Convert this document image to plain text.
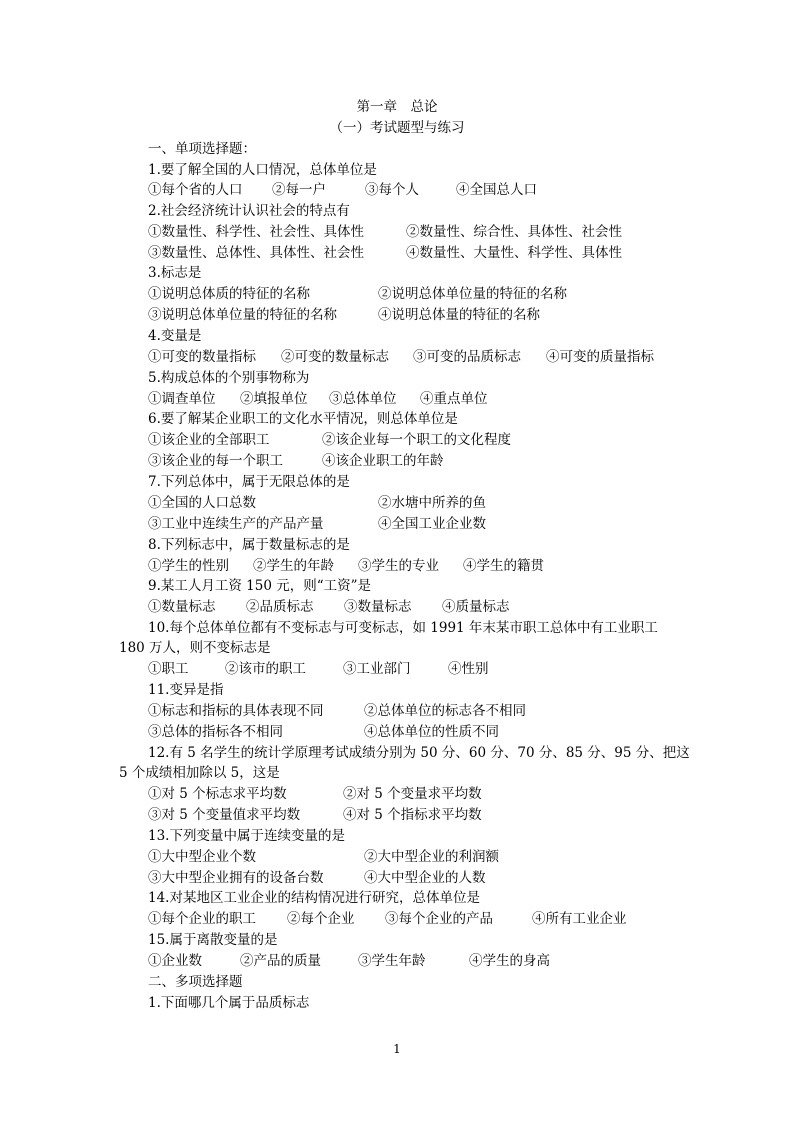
第一章　总论
（一）考试题型与练习
一、单项选择题：
1.要了解全国的人口情况，总体单位是
①每个省的人口 ②每一户	③每个人	④全国总人口
2.社会经济统计认识社会的特点有
①数量性、科学性、社会性、具体性	②数量性、综合性、具体性、社会性
③数量性、总体性、具体性、社会性	④数量性、大量性、科学性、具体性
3.标志是
①说明总体质的特征的名称	②说明总体单位量的特征的名称
③说明总体单位量的特征的名称	④说明总体量的特征的名称
4.变量是
①可变的数量指标 ②可变的数量标志 ③可变的品质标志 ④可变的质量指标
5.构成总体的个别事物称为
①调查单位 ②填报单位 ③总体单位 ④重点单位
6.要了解某企业职工的文化水平情况，则总体单位是
①该企业的全部职工	②该企业每一个职工的文化程度
③该企业的每一个职工	④该企业职工的年龄
7.下列总体中，属于无限总体的是
①全国的人口总数	②水塘中所养的鱼
③工业中连续生产的产品产量	④全国工业企业数
8.下列标志中，属于数量标志的是
①学生的性别 ②学生的年龄 ③学生的专业 ④学生的籍贯
9.某工人月工资 150 元，则“工资”是
①数量标志 ②品质标志 ③数量标志 ④质量标志
10.每个总体单位都有不变标志与可变标志，如 1991 年末某市职工总体中有工业职工
180 万人，则不变标志是
①职工	②该市的职工	③工业部门	④性别
11.变异是指
①标志和指标的具体表现不同	②总体单位的标志各不相同
③总体的指标各不相同	④总体单位的性质不同
12.有 5 名学生的统计学原理考试成绩分别为 50 分、60 分、70 分、85 分、95 分、把这
5 个成绩相加除以 5，这是
①对 5 个标志求平均数	②对 5 个变量求平均数
③对 5 个变量值求平均数	④对 5 个指标求平均数
13.下列变量中属于连续变量的是
①大中型企业个数	②大中型企业的利润额
③大中型企业拥有的设备台数	④大中型企业的人数
14.对某地区工业企业的结构情况进行研究，总体单位是
①每个企业的职工 ②每个企业 ③每个企业的产品	④所有工业企业
15.属于离散变量的是
①企业数	②产品的质量	③学生年龄	④学生的身高
二、多项选择题
1.下面哪几个属于品质标志
1
